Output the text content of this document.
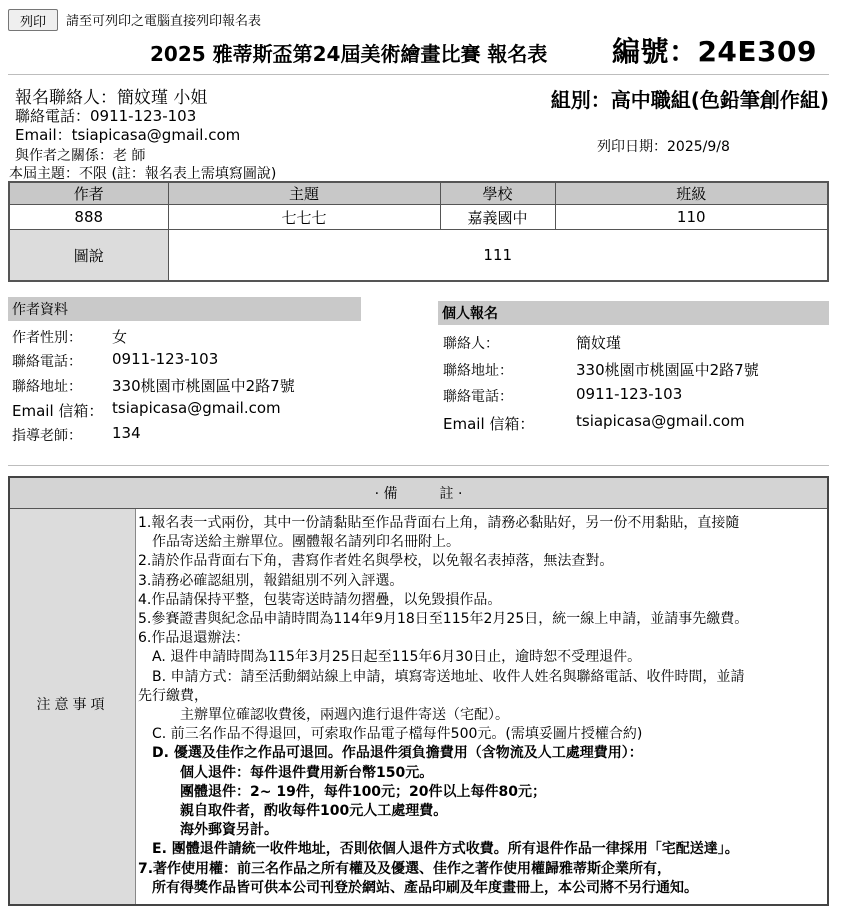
列印	請至可列印之電腦直接列印報名表
2025 雅蒂斯盃第24屆美術繪畫比賽 報名表 編號：24E309
報名聯絡人：簡妏瑾 小姐
聯絡電話：0911-123-103
Email：tsiapicasa@gmail.com
與作者之關係：老 師
組別：高中職組(色鉛筆創作組)
列印日期：2025/9/8
本屆主題：不限 (註：報名表上需填寫圖說)
作者	主題	學校	班級
888	七七七	嘉義國中	110
圖說	111		
作者資料
作者性別： 女
聯絡電話： 0911-123-103
聯絡地址： 330桃園市桃園區中2路7號
Email 信箱： tsiapicasa@gmail.com
指導老師： 134
個人報名
聯絡人：	簡妏瑾
聯絡地址：	330桃園市桃園區中2路7號
聯絡電話：	0911-123-103
Email 信箱：	tsiapicasa@gmail.com
· 備　　　註 ·
注意事項
1.報名表一式兩份，其中一份請黏貼至作品背面右上角，請務必黏貼好，另一份不用黏貼，直接隨
　作品寄送給主辦單位。團體報名請列印名冊附上。
2.請於作品背面右下角，書寫作者姓名與學校，以免報名表掉落，無法查對。
3.請務必確認組別，報錯組別不列入評選。
4.作品請保持平整，包裝寄送時請勿摺疊，以免毀損作品。
5.參賽證書與紀念品申請時間為114年9月18日至115年2月25日，統一線上申請，並請事先繳費。
6.作品退還辦法：
　A. 退件申請時間為115年3月25日起至115年6月30日止，逾時恕不受理退件。
　B. 申請方式：請至活動網站線上申請，填寫寄送地址、收件人姓名與聯絡電話、收件時間，並請
先行繳費，
　　　主辦單位確認收費後，兩週內進行退件寄送（宅配）。
　C. 前三名作品不得退回，可索取作品電子檔每件500元。(需填妥圖片授權合約)
　D. 優選及佳作之作品可退回。作品退件須負擔費用（含物流及人工處理費用）：
　　　個人退件：每件退件費用新台幣150元。
　　　團體退件：2~ 19件，每件100元；20件以上每件80元；
　　　親自取件者，酌收每件100元人工處理費。
　　　海外郵資另計。
　E. 團體退件請統一收件地址，否則依個人退件方式收費。所有退件作品一律採用「宅配送達」。
7.著作使用權：前三名作品之所有權及及優選、佳作之著作使用權歸雅蒂斯企業所有，
　所有得獎作品皆可供本公司刊登於網站、產品印刷及年度畫冊上，本公司將不另行通知。
